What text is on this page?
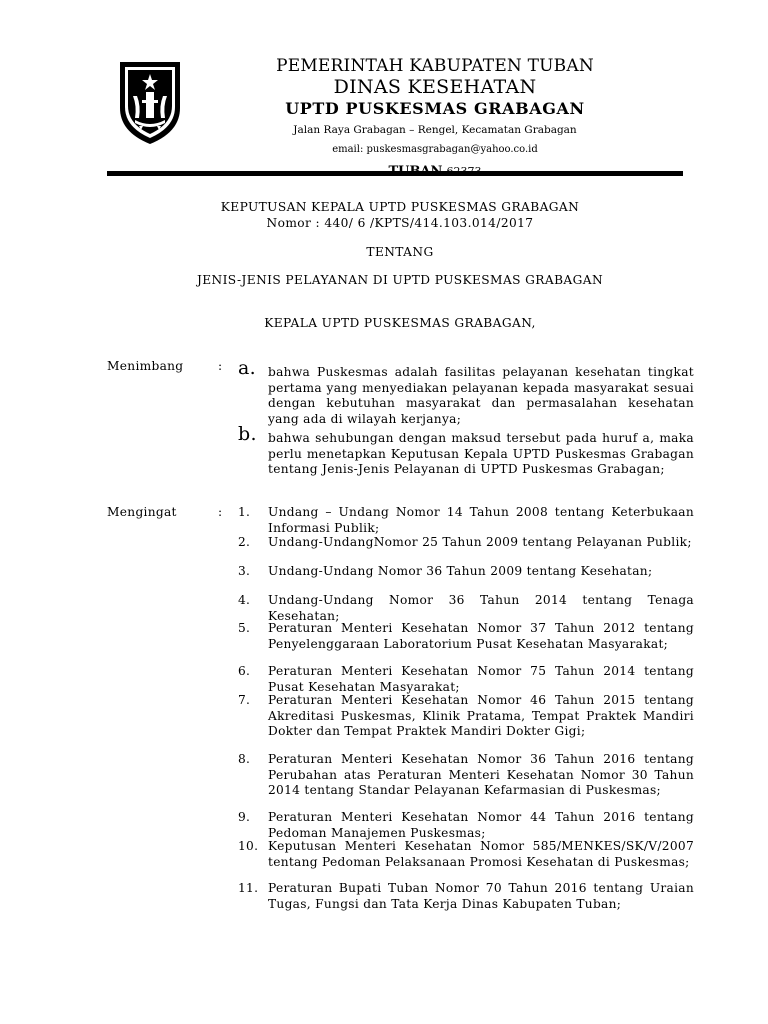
PEMERINTAH KABUPATEN TUBAN
DINAS KESEHATAN
UPTD PUSKESMAS GRABAGAN
Jalan Raya Grabagan – Rengel, Kecamatan Grabagan
email: puskesmasgrabagan@yahoo.co.id
KEPUTUSAN KEPALA UPTD PUSKESMAS GRABAGAN
Nomor : 440/ 6 /KPTS/414.103.014/2017
TENTANG
JENIS-JENIS PELAYANAN DI UPTD PUSKESMAS GRABAGAN
KEPALA UPTD PUSKESMAS GRABAGAN,
Menimbang	: a. bahwa Puskesmas adalah fasilitas pelayanan kesehatan tingkat pertama yang menyediakan pelayanan kepada masyarakat sesuai dengan kebutuhan masyarakat dan permasalahan kesehatan yang ada di wilayah kerjanya;
b. bahwa sehubungan dengan maksud tersebut pada huruf a, maka perlu menetapkan Keputusan Kepala UPTD Puskesmas Grabagan tentang Jenis-Jenis Pelayanan di UPTD Puskesmas Grabagan;
Mengingat	: 1. Undang – Undang Nomor 14 Tahun 2008 tentang Keterbukaan Informasi Publik;
2. Undang-UndangNomor 25 Tahun 2009 tentang Pelayanan Publik;
3. Undang-Undang Nomor 36 Tahun 2009 tentang Kesehatan;
4. Undang-Undang Nomor 36 Tahun 2014 tentang Tenaga Kesehatan;
5. Peraturan Menteri Kesehatan Nomor 37 Tahun 2012 tentang Penyelenggaraan Laboratorium Pusat Kesehatan Masyarakat;
6. Peraturan Menteri Kesehatan Nomor 75 Tahun 2014 tentang Pusat Kesehatan Masyarakat;
7. Peraturan Menteri Kesehatan Nomor 46 Tahun 2015 tentang Akreditasi Puskesmas, Klinik Pratama, Tempat Praktek Mandiri Dokter dan Tempat Praktek Mandiri Dokter Gigi;
8. Peraturan Menteri Kesehatan Nomor 36 Tahun 2016 tentang Perubahan atas Peraturan Menteri Kesehatan Nomor 30 Tahun 2014 tentang Standar Pelayanan Kefarmasian di Puskesmas;
9. Peraturan Menteri Kesehatan Nomor 44 Tahun 2016 tentang Pedoman Manajemen Puskesmas;
10. Keputusan Menteri Kesehatan Nomor 585/MENKES/SK/V/2007 tentang Pedoman Pelaksanaan Promosi Kesehatan di Puskesmas;
11. Peraturan Bupati Tuban Nomor 70 Tahun 2016 tentang Uraian Tugas, Fungsi dan Tata Kerja Dinas Kabupaten Tuban;
